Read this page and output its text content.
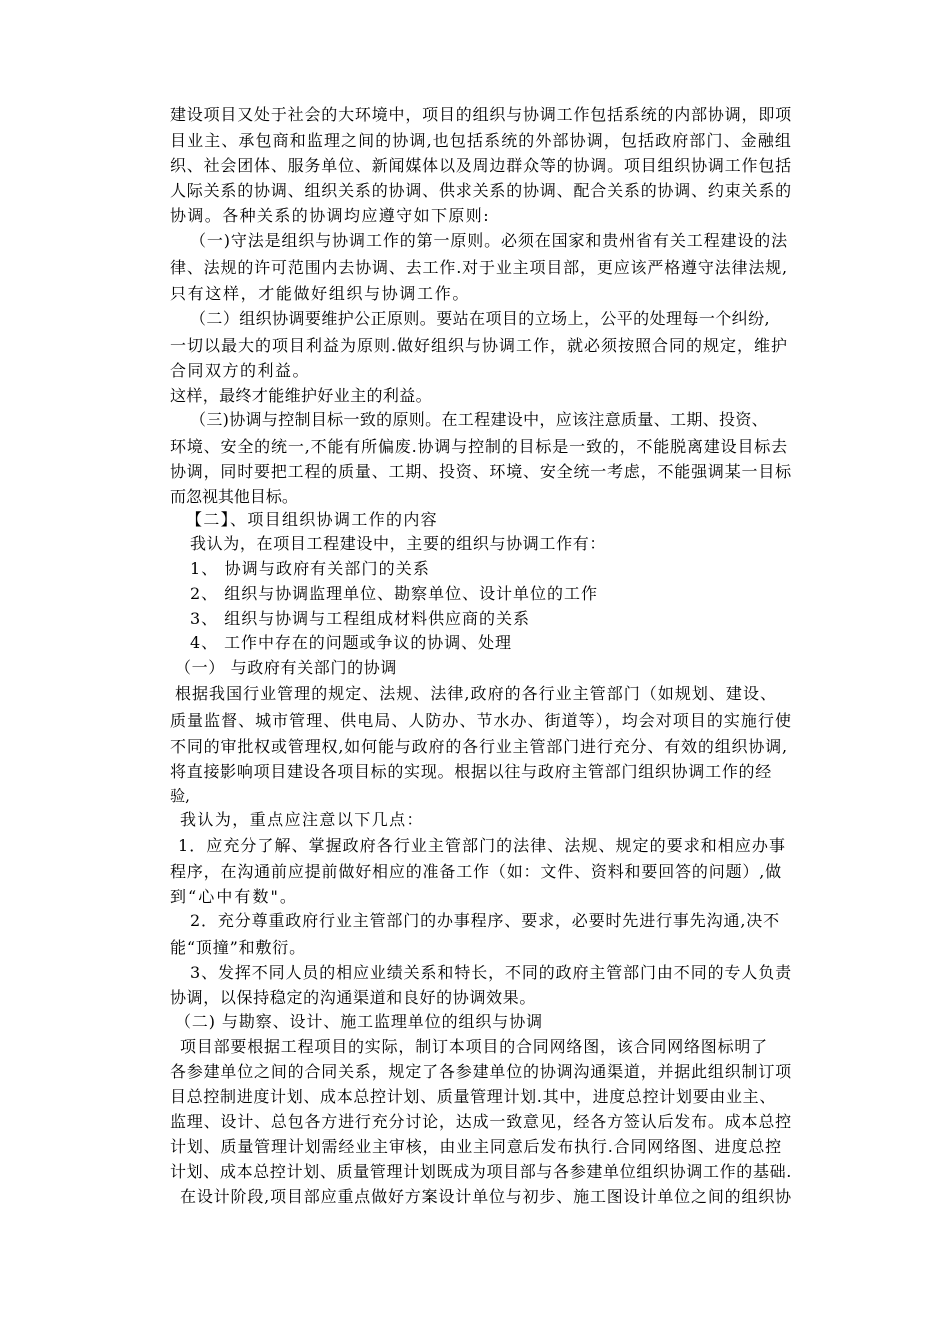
建设项目又处于社会的大环境中，项目的组织与协调工作包括系统的内部协调，即项
目业主、承包商和监理之间的协调,也包括系统的外部协调，包括政府部门、金融组
织、社会团体、服务单位、新闻媒体以及周边群众等的协调。项目组织协调工作包括
人际关系的协调、组织关系的协调、供求关系的协调、配合关系的协调、约束关系的
协调。各种关系的协调均应遵守如下原则:
（一)守法是组织与协调工作的第一原则。必须在国家和贵州省有关工程建设的法
律、法规的许可范围内去协调、去工作.对于业主项目部，更应该严格遵守法律法规,
只有这样，才能做好组织与协调工作。
（二）组织协调要维护公正原则。要站在项目的立场上，公平的处理每一个纠纷,
一切以最大的项目利益为原则.做好组织与协调工作，就必须按照合同的规定，维护
合同双方的利益。
这样，最终才能维护好业主的利益。
（三)协调与控制目标一致的原则。在工程建设中，应该注意质量、工期、投资、
环境、安全的统一,不能有所偏废.协调与控制的目标是一致的，不能脱离建设目标去
协调，同时要把工程的质量、工期、投资、环境、安全统一考虑，不能强调某一目标
而忽视其他目标。
【二】、项目组织协调工作的内容
我认为，在项目工程建设中，主要的组织与协调工作有：
1、 协调与政府有关部门的关系
2、 组织与协调监理单位、勘察单位、设计单位的工作
3、 组织与协调与工程组成材料供应商的关系
4、 工作中存在的问题或争议的协调、处理
（一） 与政府有关部门的协调
根据我国行业管理的规定、法规、法律,政府的各行业主管部门（如规划、建设、
质量监督、城市管理、供电局、人防办、节水办、街道等），均会对项目的实施行使
不同的审批权或管理权,如何能与政府的各行业主管部门进行充分、有效的组织协调,
将直接影响项目建设各项目标的实现。根据以往与政府主管部门组织协调工作的经
验,
我认为，重点应注意以下几点：
1．应充分了解、掌握政府各行业主管部门的法律、法规、规定的要求和相应办事
程序，在沟通前应提前做好相应的准备工作（如：文件、资料和要回答的问题）,做
到“心中有数"。
2．充分尊重政府行业主管部门的办事程序、要求，必要时先进行事先沟通,决不
能“顶撞”和敷衍。
3、发挥不同人员的相应业绩关系和特长，不同的政府主管部门由不同的专人负责
协调，以保持稳定的沟通渠道和良好的协调效果。
（二) 与勘察、设计、施工监理单位的组织与协调
项目部要根据工程项目的实际，制订本项目的合同网络图，该合同网络图标明了
各参建单位之间的合同关系，规定了各参建单位的协调沟通渠道，并据此组织制订项
目总控制进度计划、成本总控计划、质量管理计划.其中，进度总控计划要由业主、
监理、设计、总包各方进行充分讨论，达成一致意见，经各方签认后发布。成本总控
计划、质量管理计划需经业主审核，由业主同意后发布执行.合同网络图、进度总控
计划、成本总控计划、质量管理计划既成为项目部与各参建单位组织协调工作的基础.
在设计阶段,项目部应重点做好方案设计单位与初步、施工图设计单位之间的组织协
